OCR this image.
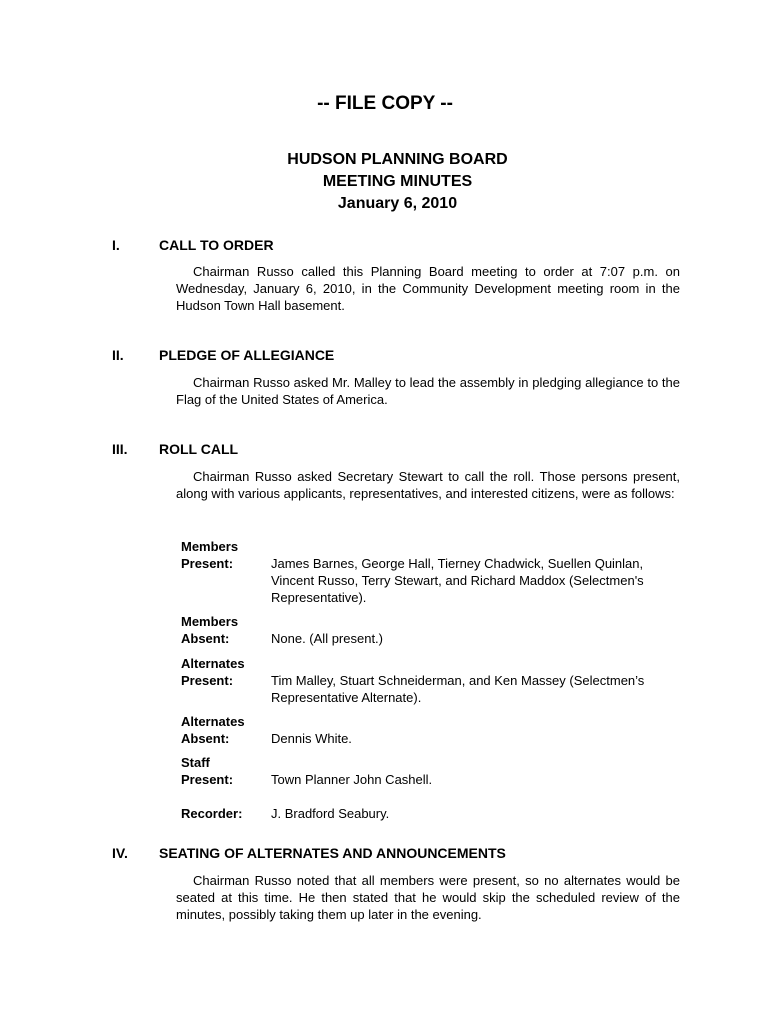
-- FILE COPY --
HUDSON PLANNING BOARD
MEETING MINUTES
January 6, 2010
I.	CALL TO ORDER
Chairman Russo called this Planning Board meeting to order at 7:07 p.m. on Wednesday, January 6, 2010, in the Community Development meeting room in the Hudson Town Hall basement.
II.	PLEDGE OF ALLEGIANCE
Chairman Russo asked Mr. Malley to lead the assembly in pledging allegiance to the Flag of the United States of America.
III. ROLL CALL
Chairman Russo asked Secretary Stewart to call the roll. Those persons present, along with various applicants, representatives, and interested citizens, were as follows:
Members
Present:	James Barnes, George Hall, Tierney Chadwick, Suellen Quinlan, Vincent Russo, Terry Stewart, and Richard Maddox (Selectmen's Representative).
Members
Absent:	None. (All present.)
Alternates
Present:	Tim Malley, Stuart Schneiderman, and Ken Massey (Selectmen’s Representative Alternate).
Alternates
Absent:	Dennis White.
Staff
Present:	Town Planner John Cashell.
Recorder: J. Bradford Seabury.
IV. SEATING OF ALTERNATES AND ANNOUNCEMENTS
Chairman Russo noted that all members were present, so no alternates would be seated at this time. He then stated that he would skip the scheduled review of the minutes, possibly taking them up later in the evening.
